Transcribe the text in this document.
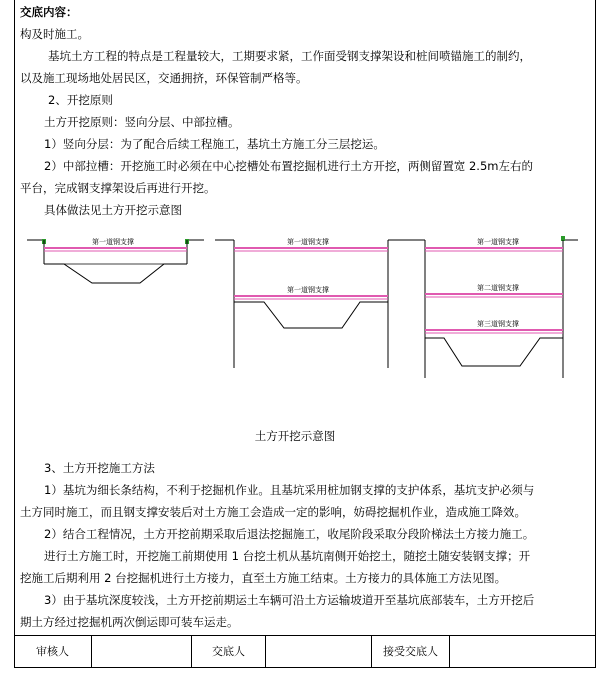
交底内容：
构及时施工。
基坑土方工程的特点是工程量较大，工期要求紧，工作面受钢支撑架设和桩间喷锚施工的制约，
以及施工现场地处居民区，交通拥挤，环保管制严格等。
2、开挖原则
土方开挖原则：竖向分层、中部拉槽。
1）竖向分层：为了配合后续工程施工，基坑土方施工分三层挖运。
2）中部拉槽：开挖施工时必须在中心挖槽处布置挖掘机进行土方开挖，两侧留置宽 2.5m左右的
平台，完成钢支撑架设后再进行开挖。
具体做法见土方开挖示意图
第一道钢支撑	第一道钢支撑
第一道钢支撑
第一道钢支撑
第二道钢支撑
第三道钢支撑
土方开挖示意图
3、土方开挖施工方法
1）基坑为细长条结构，不利于挖掘机作业。且基坑采用桩加钢支撑的支护体系，基坑支护必须与
土方同时施工，而且钢支撑安装后对土方施工会造成一定的影响，妨碍挖掘机作业，造成施工降效。
2）结合工程情况，土方开挖前期采取后退法挖掘施工，收尾阶段采取分段阶梯法土方接力施工。
进行土方施工时，开挖施工前期使用 1 台挖土机从基坑南侧开始挖土，随挖土随安装钢支撑；开
挖施工后期利用 2 台挖掘机进行土方接力，直至土方施工结束。土方接力的具体施工方法见图。
3）由于基坑深度较浅，土方开挖前期运土车辆可沿土方运输坡道开至基坑底部装车，土方开挖后
期土方经过挖掘机两次倒运即可装车运走。
审核人	交底人	接受交底人
